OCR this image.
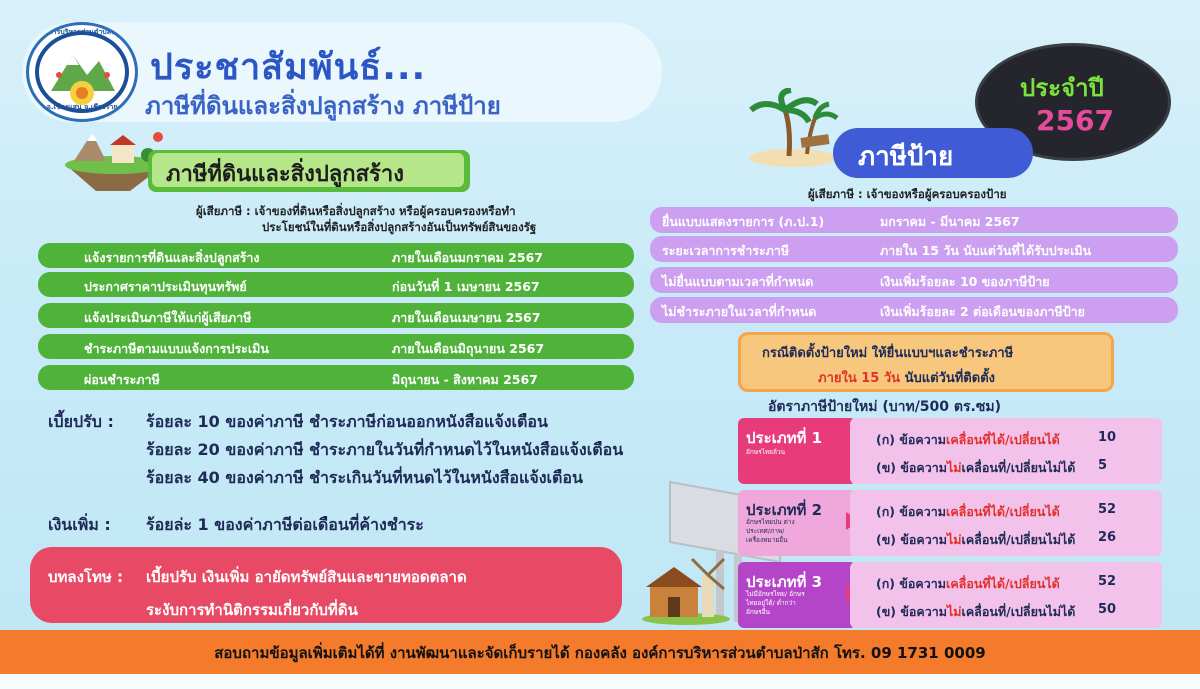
องค์การบริหารส่วนตำบลป่าสัก
อ.เชียงแสน จ.เชียงราย
ประชาสัมพันธ์...
ภาษีที่ดินและสิ่งปลูกสร้าง ภาษีป้าย
ประจำปี
2567
ภาษีที่ดินและสิ่งปลูกสร้าง
ผู้เสียภาษี : เจ้าของที่ดินหรือสิ่งปลูกสร้าง หรือผู้ครอบครองหรือทำ
ประโยชน์ในที่ดินหรือสิ่งปลูกสร้างอันเป็นทรัพย์สินของรัฐ
แจ้งรายการที่ดินและสิ่งปลูกสร้าง	ภายในเดือนมกราคม 2567
ประกาศราคาประเมินทุนทรัพย์	ก่อนวันที่ 1 เมษายน 2567
แจ้งประเมินภาษีให้แก่ผู้เสียภาษี	ภายในเดือนเมษายน 2567
ชำระภาษีตามแบบแจ้งการประเมิน	ภายในเดือนมิถุนายน 2567
ผ่อนชำระภาษี	มิถุนายน - สิงหาคม 2567
เบี้ยปรับ : ร้อยละ 10 ของค่าภาษี ชำระภาษีก่อนออกหนังสือแจ้งเตือน
ร้อยละ 20 ของค่าภาษี ชำระภายในวันที่กำหนดไว้ในหนังสือแจ้งเตือน
ร้อยละ 40 ของค่าภาษี ชำระเกินวันที่หนดไว้ในหนังสือแจ้งเตือน
เงินเพิ่ม : ร้อยล่ะ 1 ของค่าภาษีต่อเดือนที่ค้างชำระ
บทลงโทษ : เบี้ยปรับ เงินเพิ่ม อายัดทรัพย์สินและขายทอดตลาด
ระงับการทำนิติกรรมเกี่ยวกับที่ดิน
ภาษีป้าย
ผู้เสียภาษี : เจ้าของหรือผู้ครอบครองป้าย
ยื่นแบบแสดงรายการ (ภ.ป.1)	มกราคม - มีนาคม 2567
ระยะเวลาการชำระภาษี	ภายใน 15 วัน นับแต่วันที่ได้รับประเมิน
ไม่ยื่นแบบตามเวลาที่กำหนด	เงินเพิ่มร้อยละ 10 ของภาษีป้าย
ไม่ชำระภายในเวลาที่กำหนด	เงินเพิ่มร้อยละ 2 ต่อเดือนของภาษีป้าย
กรณีติดตั้งป้ายใหม่ ให้ยื่นแบบฯและชำระภาษี
ภายใน 15 วัน นับแต่วันที่ติดตั้ง
อัตราภาษีป้ายใหม่ (บาท/500 ตร.ซม)
ประเภทที่ 1
อักษรไทยล้วน
(ก) ข้อความเคลื่อนที่ได้/เปลี่ยนได้	10
(ข) ข้อความไม่เคลื่อนที่/เปลี่ยนไม่ได้ 5
ประเภทที่ 2
อักษรไทยปน ต่างประเทศ/ภาพ/ เครื่องหมายอื่น
(ก) ข้อความเคลื่อนที่ได้/เปลี่ยนได้	52
(ข) ข้อความไม่เคลื่อนที่/เปลี่ยนไม่ได้ 26
ประเภทที่ 3
ไม่มีอักษรไทย/ อักษรไทยอยู่ใต้/ ต่ำกว่าอักษรอื่น
(ก) ข้อความเคลื่อนที่ได้/เปลี่ยนได้	52
(ข) ข้อความไม่เคลื่อนที่/เปลี่ยนไม่ได้ 50
สอบถามข้อมูลเพิ่มเติมได้ที่ งานพัฒนาและจัดเก็บรายได้ กองคลัง องค์การบริหารส่วนตำบลป่าสัก โทร. 09 1731 0009
